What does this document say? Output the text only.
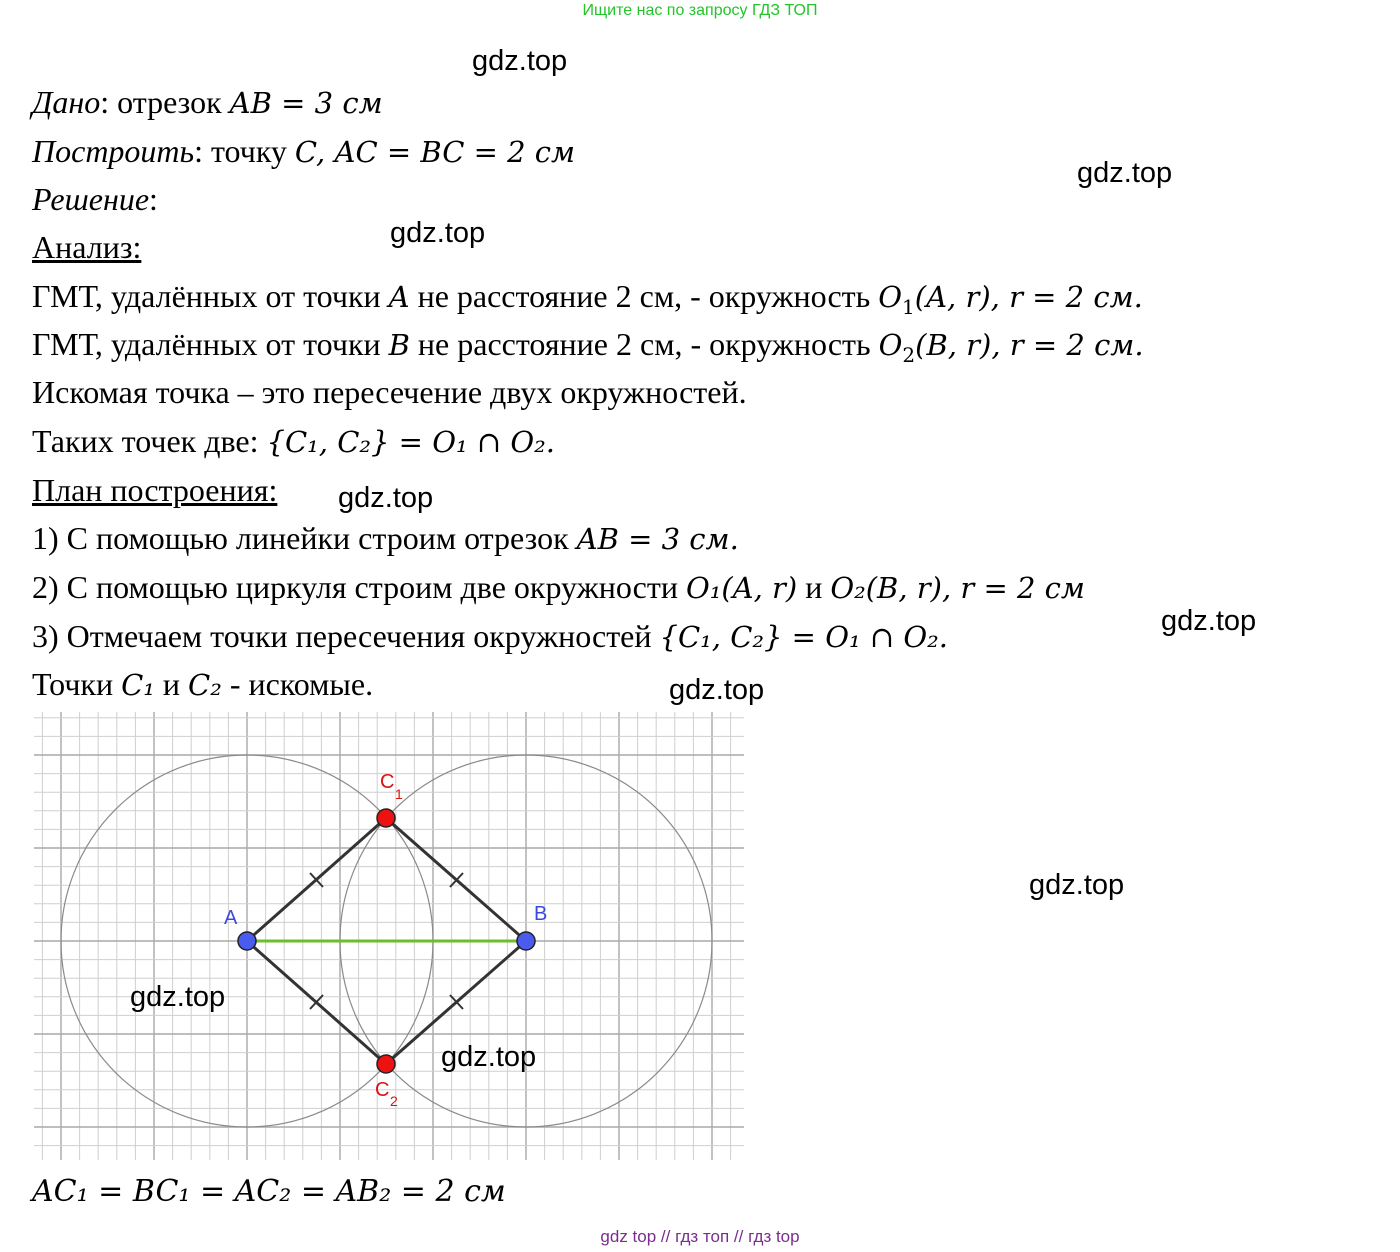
Ищите нас по запросу ГДЗ ТОП
gdz.top
gdz.top
gdz.top
gdz.top
gdz.top
gdz.top
gdz.top
Дано: отрезок AB = 3 см
Построить: точку C, AC = BC = 2 см
Решение:
Анализ:
ГМТ, удалённых от точки A не расстояние 2 см, - окружность $O_1(A$, r), r = 2 см.
ГМТ, удалённых от точки B не расстояние 2 см, - окружность $O_2(B$, r), r = 2 см.
Искомая точка – это пересечение двух окружностей.
Таких точек две: {C₁, C₂} = O₁ ∩ O₂.
План построения:
1) С помощью линейки строим отрезок AB = 3 см.
2) С помощью циркуля строим две окружности O₁(A, r) и O₂(B, r), r = 2 см
3) Отмечаем точки пересечения окружностей {C₁, C₂} = O₁ ∩ O₂.
Точки C₁ и C₂ - искомые.
A	B
C
1
C 2
gdz.top
gdz.top
AC₁ = BC₁ = AC₂ = AB₂ = 2 см
gdz top // гдз топ // гдз top
